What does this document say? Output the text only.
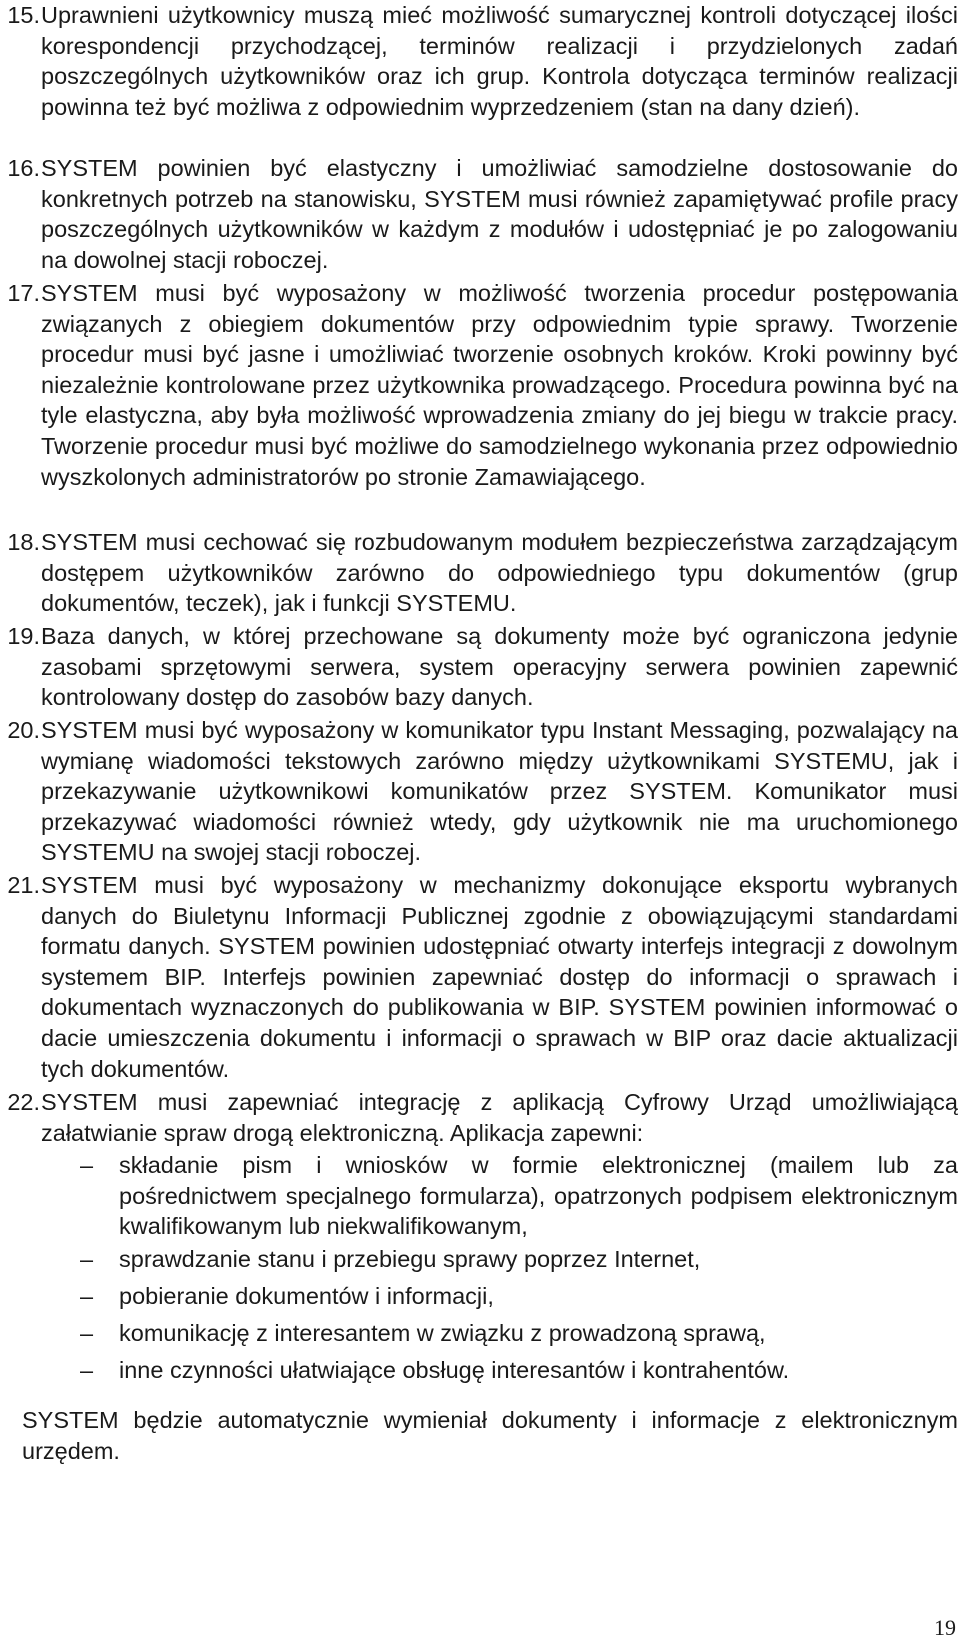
15. Uprawnieni użytkownicy muszą mieć możliwość sumarycznej kontroli dotyczącej ilości korespondencji przychodzącej, terminów realizacji i przydzielonych zadań poszczególnych użytkowników oraz ich grup. Kontrola dotycząca terminów realizacji powinna też być możliwa z odpowiednim wyprzedzeniem (stan na dany dzień).
16. SYSTEM powinien być elastyczny i umożliwiać samodzielne dostosowanie do konkretnych potrzeb na stanowisku, SYSTEM musi również zapamiętywać profile pracy poszczególnych użytkowników w każdym z modułów i udostępniać je po zalogowaniu na dowolnej stacji roboczej.
17. SYSTEM musi być wyposażony w możliwość tworzenia procedur postępowania związanych z obiegiem dokumentów przy odpowiednim typie sprawy. Tworzenie procedur musi być jasne i umożliwiać tworzenie osobnych kroków. Kroki powinny być niezależnie kontrolowane przez użytkownika prowadzącego. Procedura powinna być na tyle elastyczna, aby była możliwość wprowadzenia zmiany do jej biegu w trakcie pracy. Tworzenie procedur musi być możliwe do samodzielnego wykonania przez odpowiednio wyszkolonych administratorów po stronie Zamawiającego.
18. SYSTEM musi cechować się rozbudowanym modułem bezpieczeństwa zarządzającym dostępem użytkowników zarówno do odpowiedniego typu dokumentów (grup dokumentów, teczek), jak i funkcji SYSTEMU.
19. Baza danych, w której przechowane są dokumenty może być ograniczona jedynie zasobami sprzętowymi serwera, system operacyjny serwera powinien zapewnić kontrolowany dostęp do zasobów bazy danych.
20. SYSTEM musi być wyposażony w komunikator typu Instant Messaging, pozwalający na wymianę wiadomości tekstowych zarówno między użytkownikami SYSTEMU, jak i przekazywanie użytkownikowi komunikatów przez SYSTEM. Komunikator musi przekazywać wiadomości również wtedy, gdy użytkownik nie ma uruchomionego SYSTEMU na swojej stacji roboczej.
21. SYSTEM musi być wyposażony w mechanizmy dokonujące eksportu wybranych danych do Biuletynu Informacji Publicznej zgodnie z obowiązującymi standardami formatu danych. SYSTEM powinien udostępniać otwarty interfejs integracji z dowolnym systemem BIP. Interfejs powinien zapewniać dostęp do informacji o sprawach i dokumentach wyznaczonych do publikowania w BIP. SYSTEM powinien informować o dacie umieszczenia dokumentu i informacji o sprawach w BIP oraz dacie aktualizacji tych dokumentów.
22. SYSTEM musi zapewniać integrację z aplikacją Cyfrowy Urząd umożliwiającą załatwianie spraw drogą elektroniczną. Aplikacja zapewni:
– składanie pism i wniosków w formie elektronicznej (mailem lub za pośrednictwem specjalnego formularza), opatrzonych podpisem elektronicznym kwalifikowanym lub niekwalifikowanym,
– sprawdzanie stanu i przebiegu sprawy poprzez Internet,
– pobieranie dokumentów i informacji,
– komunikację z interesantem w związku z prowadzoną sprawą,
– inne czynności ułatwiające obsługę interesantów i kontrahentów.
SYSTEM będzie automatycznie wymieniał dokumenty i informacje z elektronicznym urzędem.
19
